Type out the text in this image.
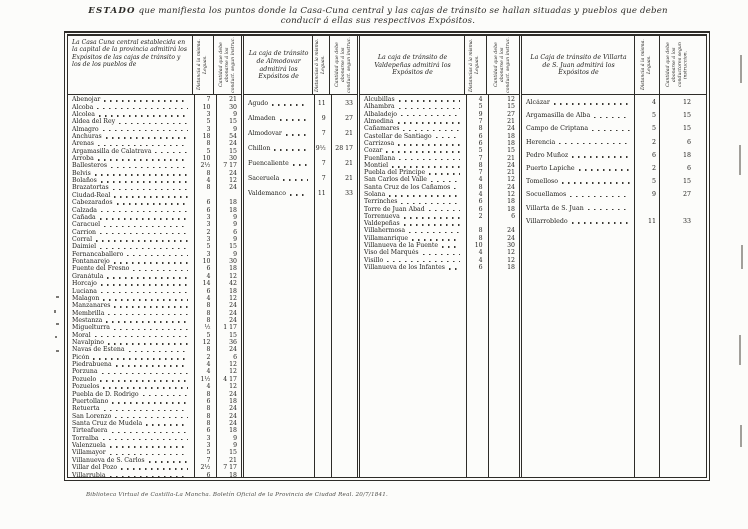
ESTADO que manifiesta los puntos donde la Casa-Cuna central y las cajas de tránsito se hallan situadas y pueblos que deben conducir á ellas sus respectivos Expósitos.
La Casa Cuna central establecida en la capital de la provincia admitirá los Expósitos de las cajas de tránsito y los de los pueblos de	Distancia á la misma. Leguas. Cantidad que debe abonarse á los conduct. segun instruc.
Abenojar	7	21
Alcoba	10	30
Alcolea	3	9
Aldea del Rey	5	15
Almagro	3	9
Anchuras	18	54
Arenas	8	24
Argamasilla de Calatrava	5	15
Arroba	10	30
Ballesteros	2½	7 17
Belvis	8	24
Bolaños	4	12
Brazatortas	8	24
Ciudad-Real
Cabezarados	6	18
Calzada	6	18
Cañada	3	9
Caracuel	3	9
Carrion	2	6
Corral	3	9
Daimiel	5	15
Fernancaballero	3	9
Fontanarejo	10	30
Fuente del Fresno	6	18
Granátula	4	12
Horcajo	14	42
Luciana	6	18
Malagon	4	12
Manzanares	8	24
Membrilla	8	24
Mestanza	8	24
Miguelturra	½	1 17
Moral	5	15
Navalpino	12	36
Navas de Estena	8	24
Picón	2	6
Piedrabuena	4	12
Porzuna	4	12
Pozuelo	1½	4 17
Pozuelos	4	12
Puebla de D. Rodrigo	8	24
Puertollano	6	18
Retuerta	8	24
San Lorenzo	8	24
Santa Cruz de Mudela	8	24
Tirteafuera	6	18
Torralba	3	9
Valenzuela	3	9
Villamayor	5	15
Villanueva de S. Carlos	7	21
Villar del Pozo	2½	7 17
Villarrubia	6	18
La caja de tránsito de Almodovar admitirá los Expósitos de	Distancias á la misma. Leguas. Cantidad que debe abonarse á los conduct. segun instruc.
Agudo	11	33
Almaden	9	27
Almodovar	7	21
Chillon	9½	28 17
Fuencaliente	7	21
Saceruela	7	21
Valdemanco	11	33
La caja de tránsito de Valdepeñas admitirá los Expósitos de	Distancias á la misma. Leguas.	Cantidad que debe abonarse á los conduct. segun instruc.
Alcubillas	4	12
Alhambra	5	15
Albaladejo	9	27
Almedina	7	21
Cañamares	8	24
Castellar de Santiago	6	18
Carrizosa	6	18
Cozar	5	15
Fuenllana	7	21
Montiel	8	24
Puebla del Principe	7	21
San Carlos del Valle	4	12
Santa Cruz de los Cañamos	8	24
Solana	4	12
Terrinches	6	18
Torre de Juan Abad	6	18
Torrenueva	2	6
Valdepeñas
Villahermosa	8	24
Villamanrique	8	24
Villanueva de la Fuente	10	30
Viso del Marqués	4	12
Visillo	4	12
Villanueva de los Infantes	6	18
La Caja de tránsito de Villarta de S. Juan admitirá los Expósitos de	Distancia á la misma. Leguas.	Cantidad que debe abonarse á los conductores segun instruccion.
Alcázar	4	12
Argamasilla de Alba	5	15
Campo de Criptana	5	15
Herencia	2	6
Pedro Muñoz	6	18
Puerto Lapiche	2	6
Tomelloso	5	15
Socuellamos	9	27
Villarta de S. Juan
Villarrobledo	11	33
Biblioteca Virtual de Castilla-La Mancha. Boletín Oficial de la Provincia de Ciudad Real. 20/7/1841.
